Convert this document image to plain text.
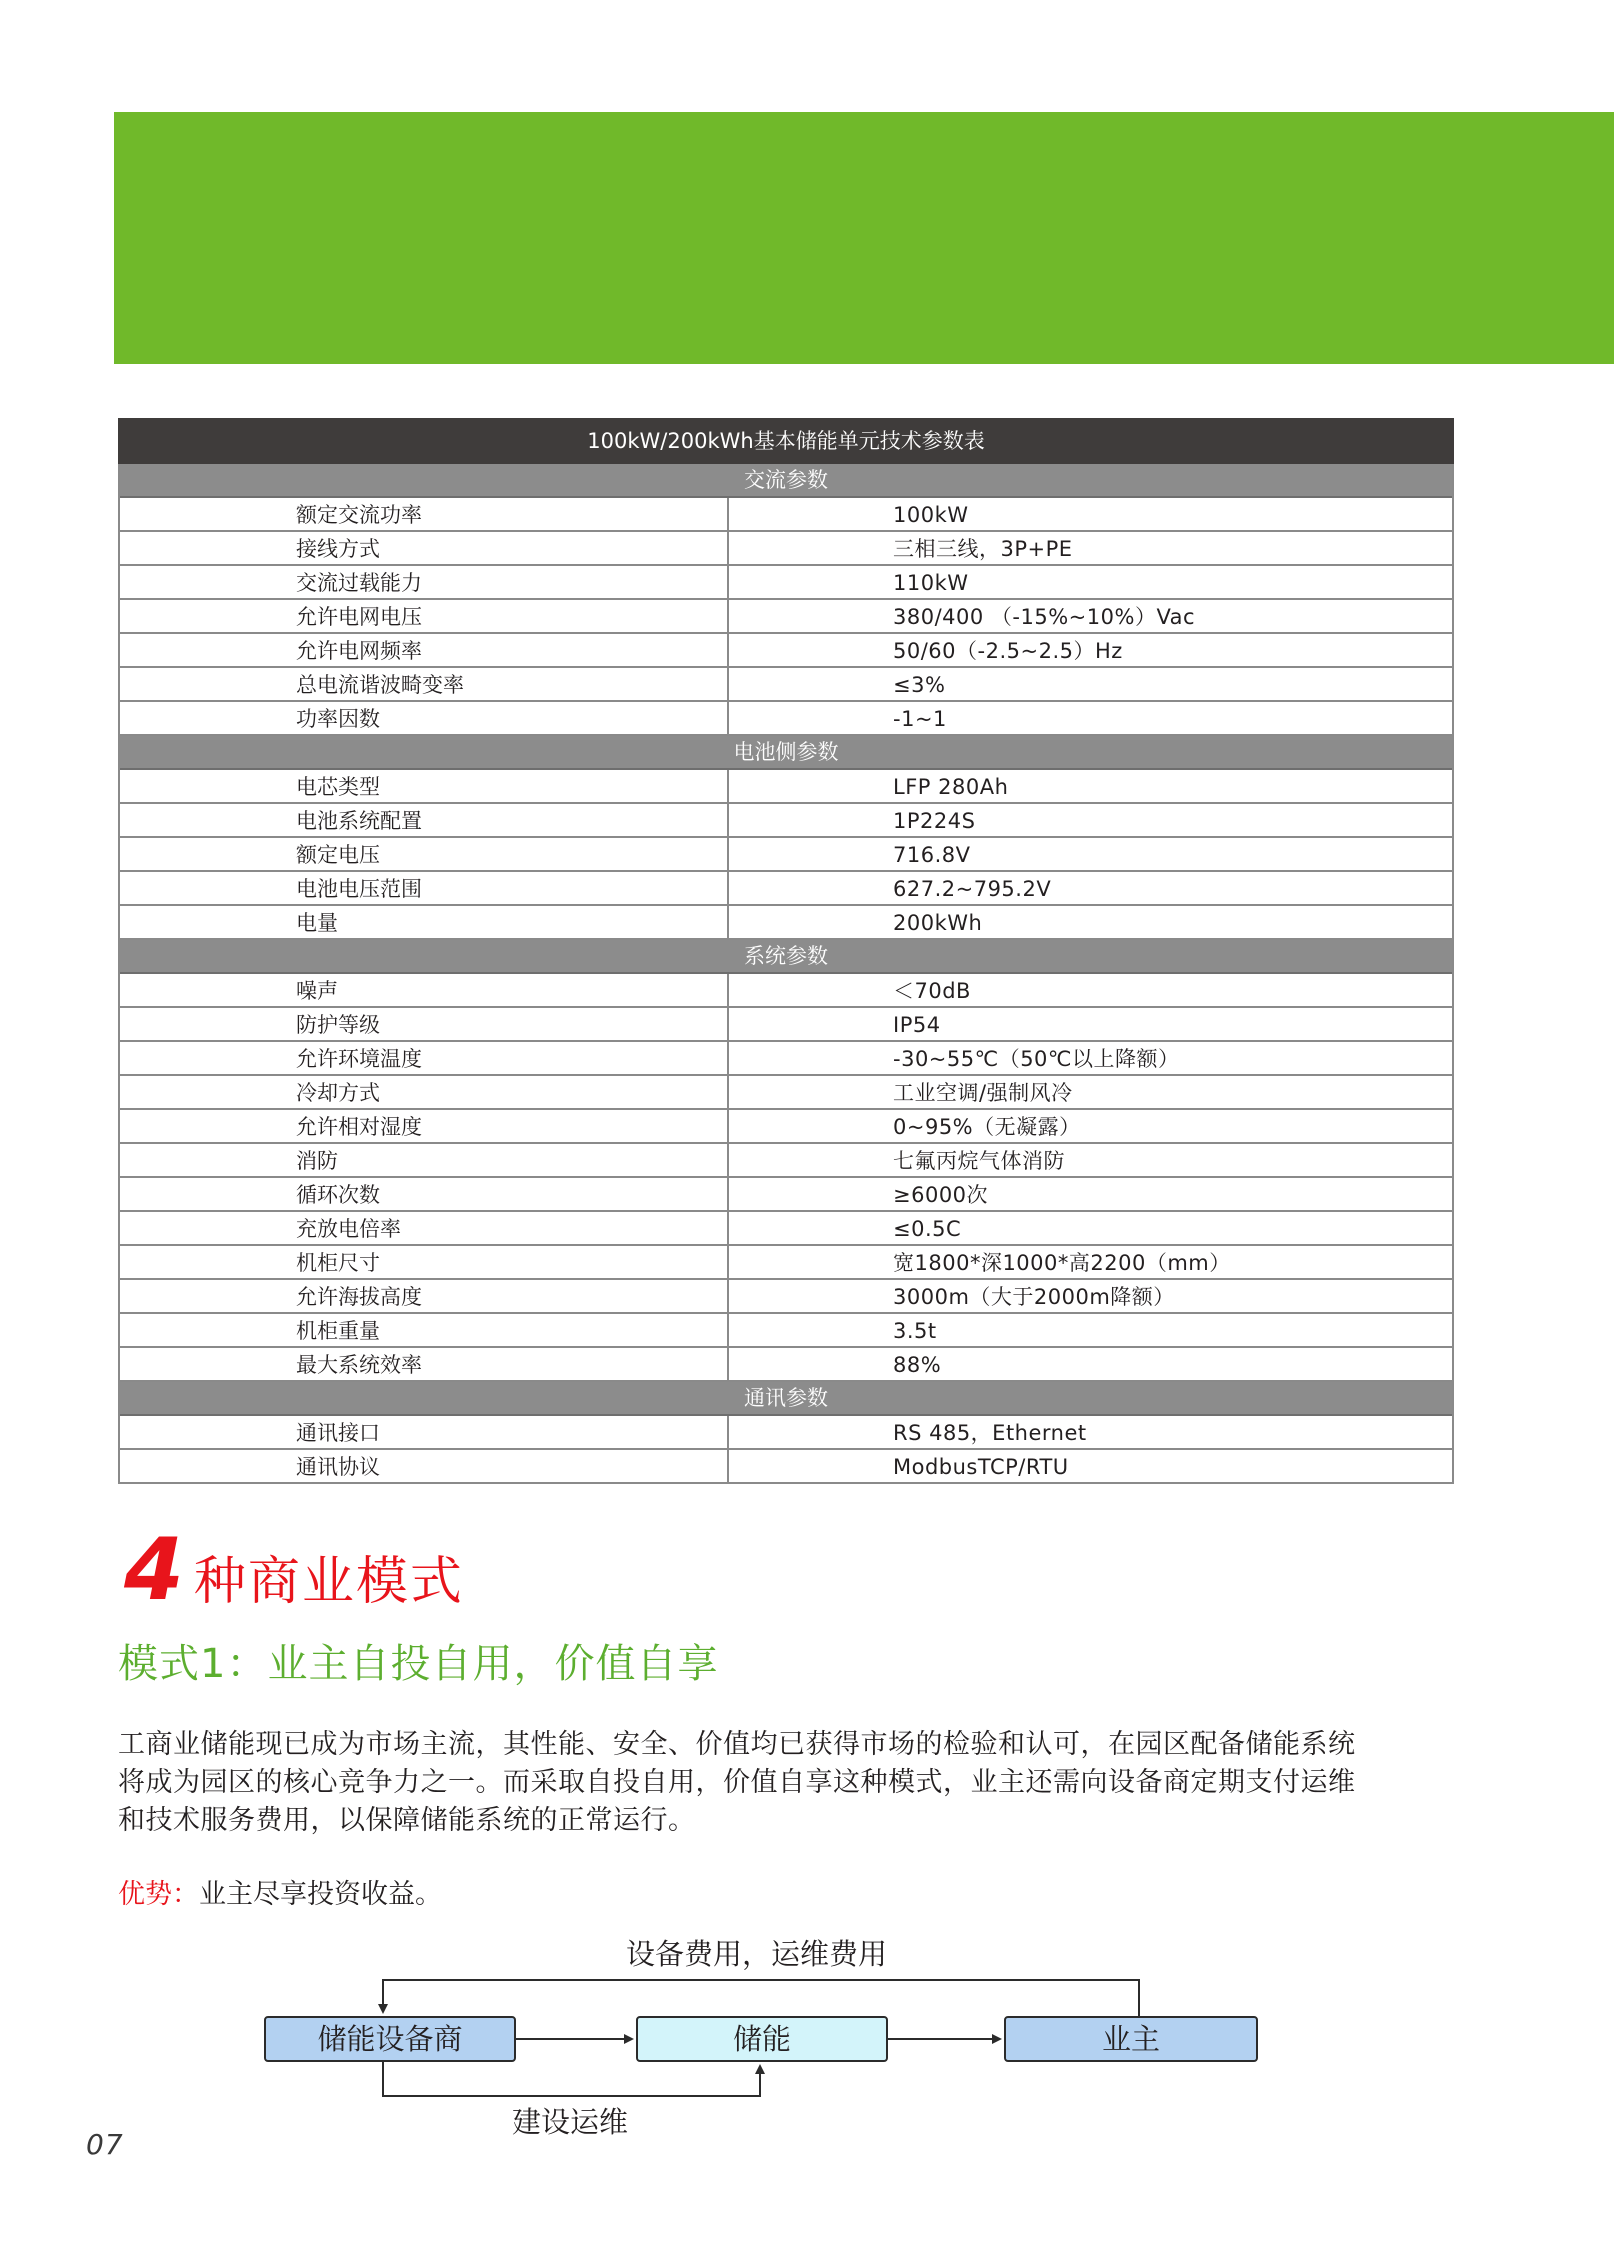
100kW/200kWh基本储能单元技术参数表
交流参数
额定交流功率	100kW
接线方式	三相三线，3P+PE
交流过载能力	110kW
允许电网电压	380/400 （-15%~10%）Vac
允许电网频率	50/60（-2.5~2.5）Hz
总电流谐波畸变率	≤3%
功率因数	-1~1
电池侧参数
电芯类型	LFP 280Ah
电池系统配置	1P224S
额定电压	716.8V
电池电压范围	627.2~795.2V
电量	200kWh
系统参数
噪声	＜70dB
防护等级	IP54
允许环境温度	-30~55℃（50℃以上降额）
冷却方式	工业空调/强制风冷
允许相对湿度	0~95%（无凝露）
消防	七氟丙烷气体消防
循环次数	≥6000次
充放电倍率	≤0.5C
机柜尺寸	宽1800*深1000*高2200（mm）
允许海拔高度	3000m（大于2000m降额）
机柜重量	3.5t
最大系统效率	88%
通讯参数
通讯接口	RS 485，Ethernet
通讯协议	ModbusTCP/RTU
4 种商业模式
模式1：业主自投自用，价值自享

工商业储能现已成为市场主流，其性能、安全、价值均已获得市场的检验和认可，在园区配备储能系统

将成为园区的核心竞争力之一。而采取自投自用，价值自享这种模式，业主还需向设备商定期支付运维

和技术服务费用，以保障储能系统的正常运行。

优势：业主尽享投资收益。
设备费用，运维费用
储能设备商	储能	业主
建设运维
07
